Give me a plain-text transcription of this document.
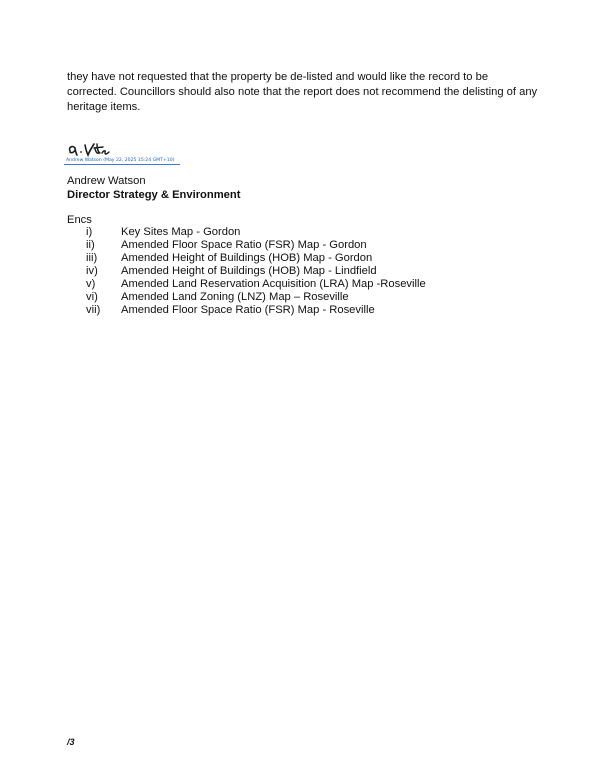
they have not requested that the property be de-listed and would like the record to be
corrected. Councillors should also note that the report does not recommend the delisting of any
heritage items.

Andrew Watson (May 22, 2025 15:24 GMT+10)

Andrew Watson

Director Strategy & Environment

Encs

i)	Key Sites Map - Gordon
ii) Amended Floor Space Ratio (FSR) Map - Gordon
iii) Amended Height of Buildings (HOB) Map - Gordon
iv) Amended Height of Buildings (HOB) Map - Lindfield
v) Amended Land Reservation Acquisition (LRA) Map -Roseville
vi) Amended Land Zoning (LNZ) Map – Roseville
vii) Amended Floor Space Ratio (FSR) Map - Roseville

/3
